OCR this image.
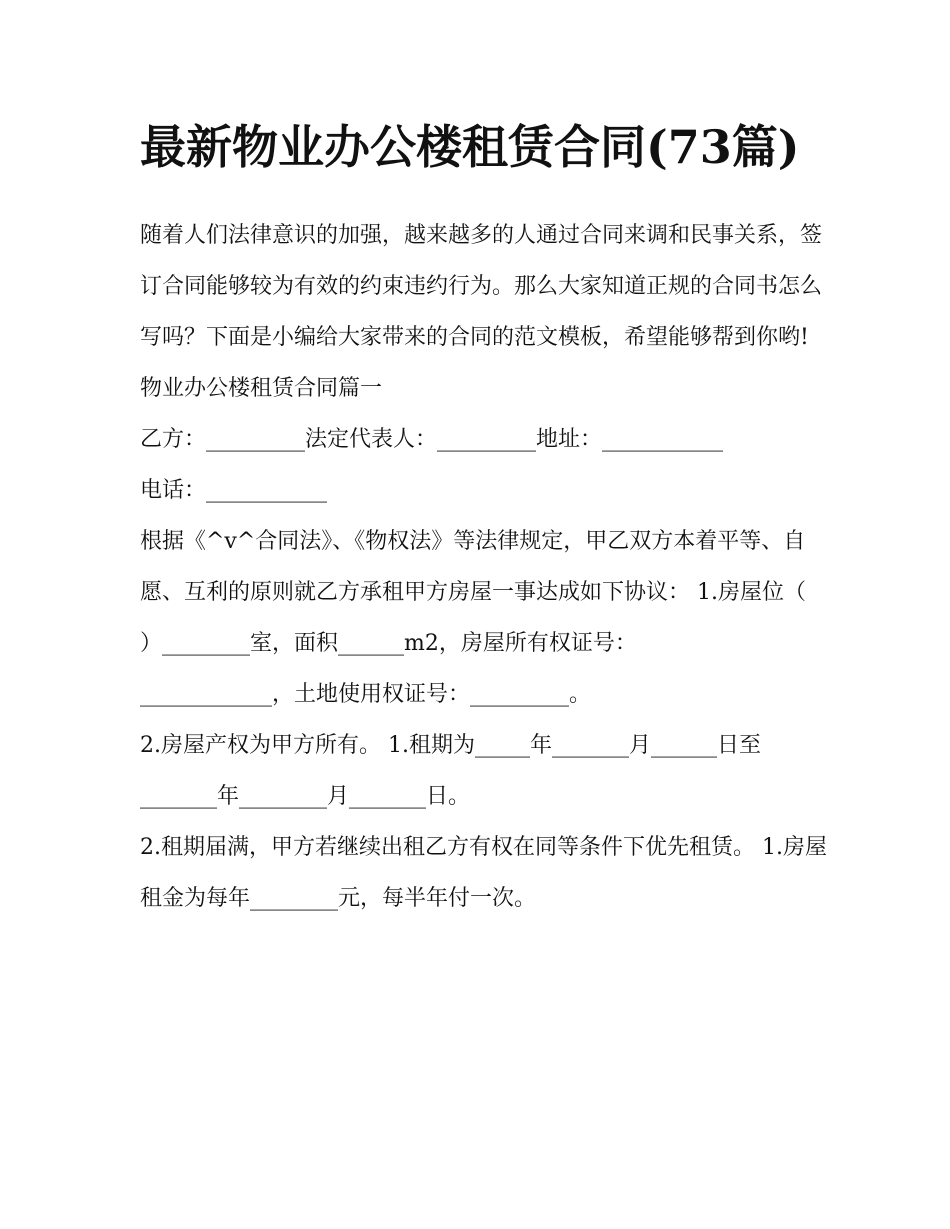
最新物业办公楼租赁合同(73篇)

随着人们法律意识的加强，越来越多的人通过合同来调和民事关系，签订合同能够较为有效的约束违约行为。那么大家知道正规的合同书怎么写吗？下面是小编给大家带来的合同的范文模板，希望能够帮到你哟!

物业办公楼租赁合同篇一

乙方：_________法定代表人：_________地址：___________

电话：___________

根据《^v^合同法》、《物权法》等法律规定，甲乙双方本着平等、自愿、互利的原则就乙方承租甲方房屋一事达成如下协议： 1.房屋位（

）________室，面积______m2，房屋所有权证号：

____________，土地使用权证号：_________。

2.房屋产权为甲方所有。 1.租期为_____年_______月______日至_______年________月_______日。

2.租期届满，甲方若继续出租乙方有权在同等条件下优先租赁。 1.房屋租金为每年________元，每半年付一次。
